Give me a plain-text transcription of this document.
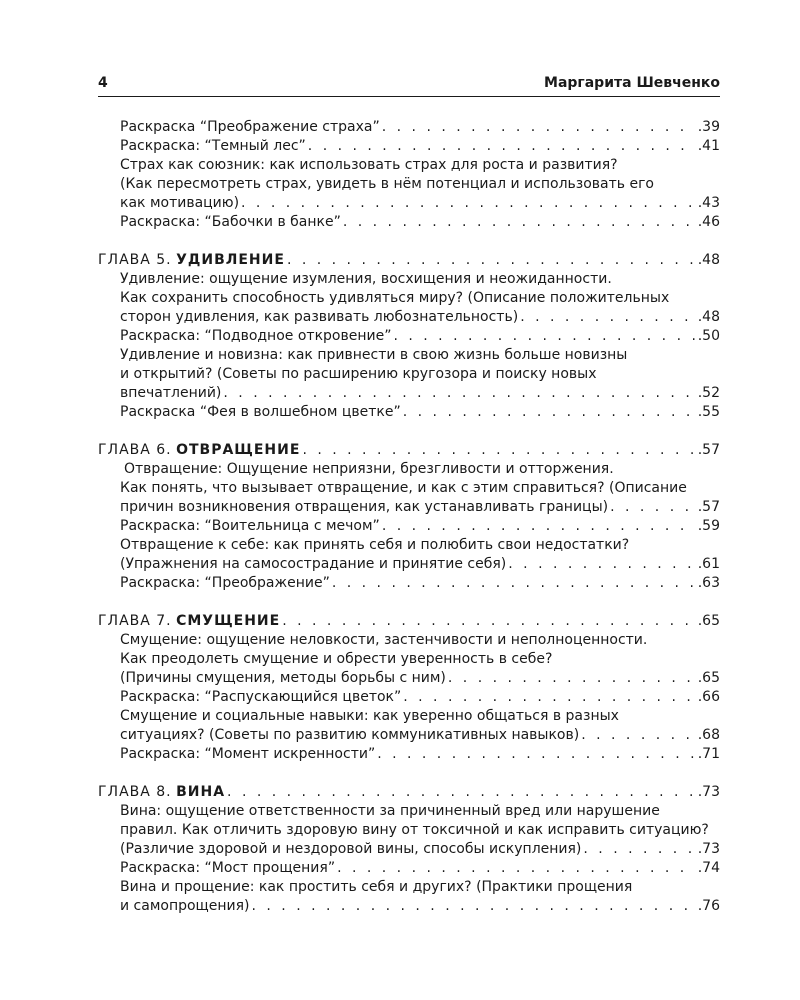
4	Маргарита Шевченко
Раскраска “Преображение страха” . . .	.39
Раскраска: “Темный лес” . . .	.41
Страх как союзник: как использовать страх для роста и развития?
(Как пересмотреть страх, увидеть в нём потенциал и использовать его
как мотивацию) . . .	.43
Раскраска: “Бабочки в банке” . . .	.46
ГЛАВА 5. УДИВЛЕНИЕ . . .	.48
Удивление: ощущение изумления, восхищения и неожиданности.
Как сохранить способность удивляться миру? (Описание положительных
сторон удивления, как развивать любознательность) . . .	.48
Раскраска: “Подводное откровение” . . .	.50
Удивление и новизна: как привнести в свою жизнь больше новизны
и открытий? (Советы по расширению кругозора и поиску новых
впечатлений) . . .	.52
Раскраска “Фея в волшебном цветке” . . .	.55
ГЛАВА 6. ОТВРАЩЕНИЕ . . .	.57
Отвращение: Ощущение неприязни, брезгливости и отторжения.
Как понять, что вызывает отвращение, и как с этим справиться? (Описание
причин возникновения отвращения, как устанавливать границы) . . .	.57
Раскраска: “Воительница с мечом” . . .	.59
Отвращение к себе: как принять себя и полюбить свои недостатки?
(Упражнения на самосострадание и принятие себя) . . .	.61
Раскраска: “Преображение” . . .	.63
ГЛАВА 7. СМУЩЕНИЕ . . .	.65
Смущение: ощущение неловкости, застенчивости и неполноценности.
Как преодолеть смущение и обрести уверенность в себе?
(Причины смущения, методы борьбы с ним) . . .	.65
Раскраска: “Распускающийся цветок” . . .	.66
Смущение и социальные навыки: как уверенно общаться в разных
ситуациях? (Советы по развитию коммуникативных навыков) . . .	.68
Раскраска: “Момент искренности” . . .	.71
ГЛАВА 8. ВИНА . . .	.73
Вина: ощущение ответственности за причиненный вред или нарушение
правил. Как отличить здоровую вину от токсичной и как исправить ситуацию?
(Различие здоровой и нездоровой вины, способы искупления) . . .	.73
Раскраска: “Мост прощения” . . .	.74
Вина и прощение: как простить себя и других? (Практики прощения
и самопрощения) . . .	.76
